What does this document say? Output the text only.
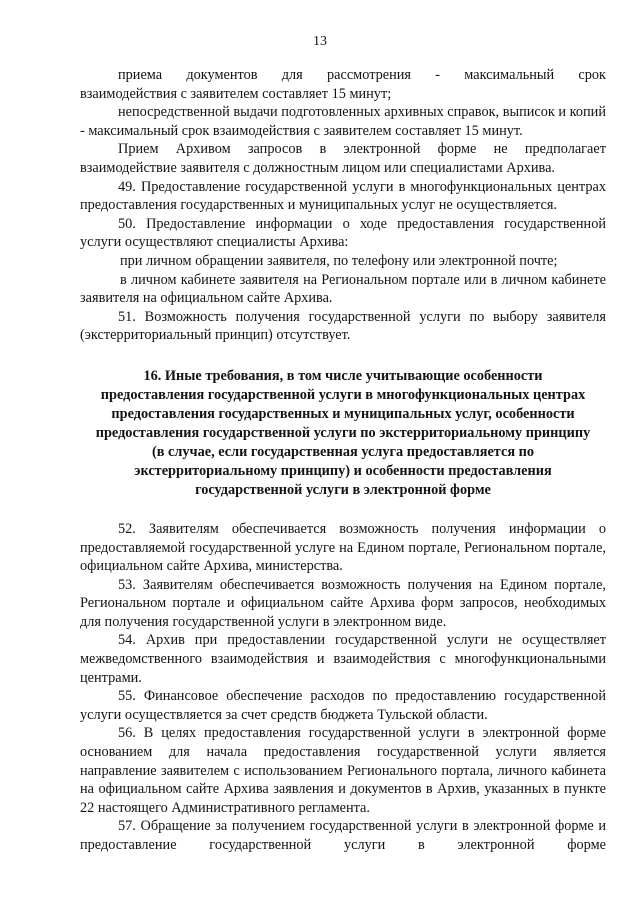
13

приема документов для рассмотрения - максимальный срок

взаимодействия с заявителем составляет 15 минут;

непосредственной выдачи подготовленных архивных справок, выписок и копий - максимальный срок взаимодействия с заявителем составляет 15 минут.

Прием Архивом запросов в электронной форме не предполагает взаимодействие заявителя с должностным лицом или специалистами Архива.

49. Предоставление государственной услуги в многофункциональных центрах предоставления государственных и муниципальных услуг не осуществляется.

50. Предоставление информации о ходе предоставления государственной услуги осуществляют специалисты Архива:

при личном обращении заявителя, по телефону или электронной почте;

в личном кабинете заявителя на Региональном портале или в личном кабинете заявителя на официальном сайте Архива.

51. Возможность получения государственной услуги по выбору заявителя (экстерриториальный принцип) отсутствует.

16. Иные требования, в том числе учитывающие особенности
предоставления государственной услуги в многофункциональных центрах
предоставления государственных и муниципальных услуг, особенности
предоставления государственной услуги по экстерриториальному принципу
(в случае, если государственная услуга предоставляется по
экстерриториальному принципу) и особенности предоставления
государственной услуги в электронной форме

52. Заявителям обеспечивается возможность получения информации о предоставляемой государственной услуге на Едином портале, Региональном портале, официальном сайте Архива, министерства.

53. Заявителям обеспечивается возможность получения на Едином портале, Региональном портале и официальном сайте Архива форм запросов, необходимых для получения государственной услуги в электронном виде.

54. Архив при предоставлении государственной услуги не осуществляет межведомственного взаимодействия и взаимодействия с многофункциональными центрами.

55. Финансовое обеспечение расходов по предоставлению государственной услуги осуществляется за счет средств бюджета Тульской области.

56. В целях предоставления государственной услуги в электронной форме основанием для начала предоставления государственной услуги является направление заявителем с использованием Регионального портала, личного кабинета на официальном сайте Архива заявления и документов в Архив, указанных в пункте 22 настоящего Административного регламента.

57. Обращение за получением государственной услуги в электронной форме и предоставление государственной услуги в электронной форме
